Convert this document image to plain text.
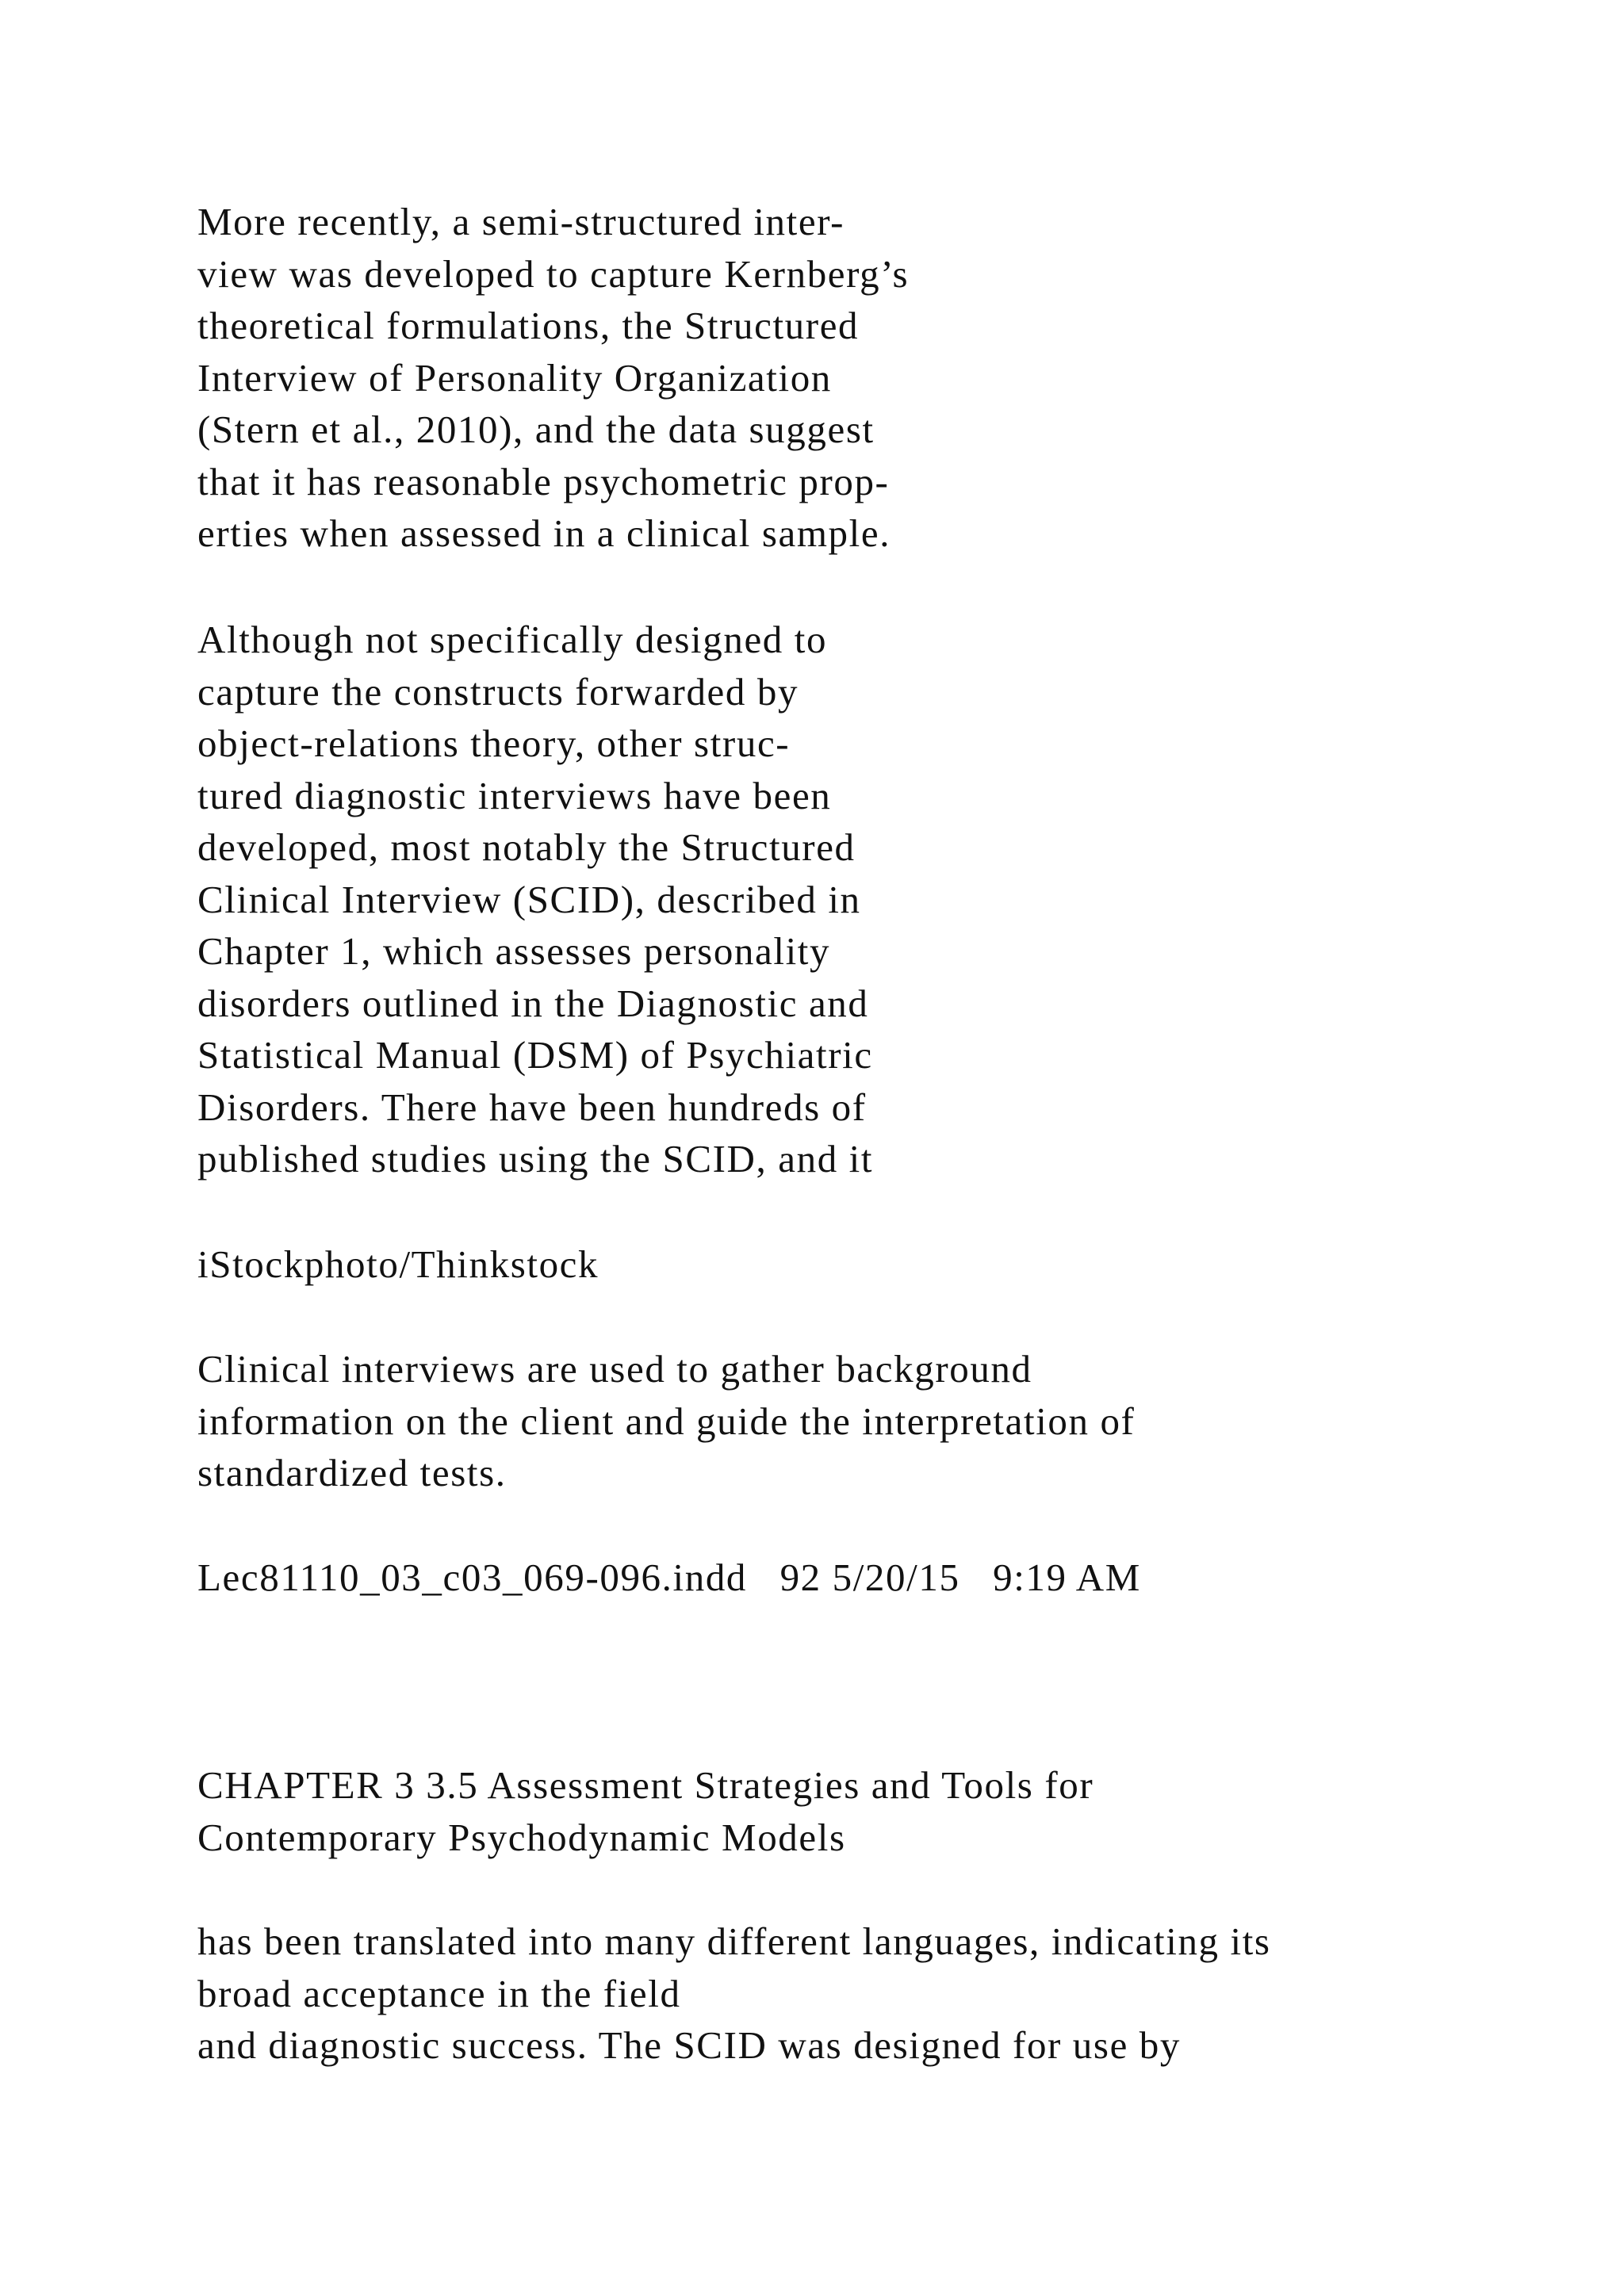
More recently, a semi-structured inter-
view was developed to capture Kernberg’s
theoretical formulations, the Structured
Interview of Personality Organization
(Stern et al., 2010), and the data suggest
that it has reasonable psychometric prop-
erties when assessed in a clinical sample.

Although not specifically designed to
capture the constructs forwarded by
object-relations theory, other struc-
tured diagnostic interviews have been
developed, most notably the Structured
Clinical Interview (SCID), described in
Chapter 1, which assesses personality
disorders outlined in the Diagnostic and
Statistical Manual (DSM) of Psychiatric
Disorders. There have been hundreds of
published studies using the SCID, and it

iStockphoto/Thinkstock

Clinical interviews are used to gather background
information on the client and guide the interpretation of
standardized tests.

Lec81110_03_c03_069-096.indd   92 5/20/15   9:19 AM

CHAPTER 3 3.5 Assessment Strategies and Tools for
Contemporary Psychodynamic Models

has been translated into many different languages, indicating its
broad acceptance in the field
and diagnostic success. The SCID was designed for use by
